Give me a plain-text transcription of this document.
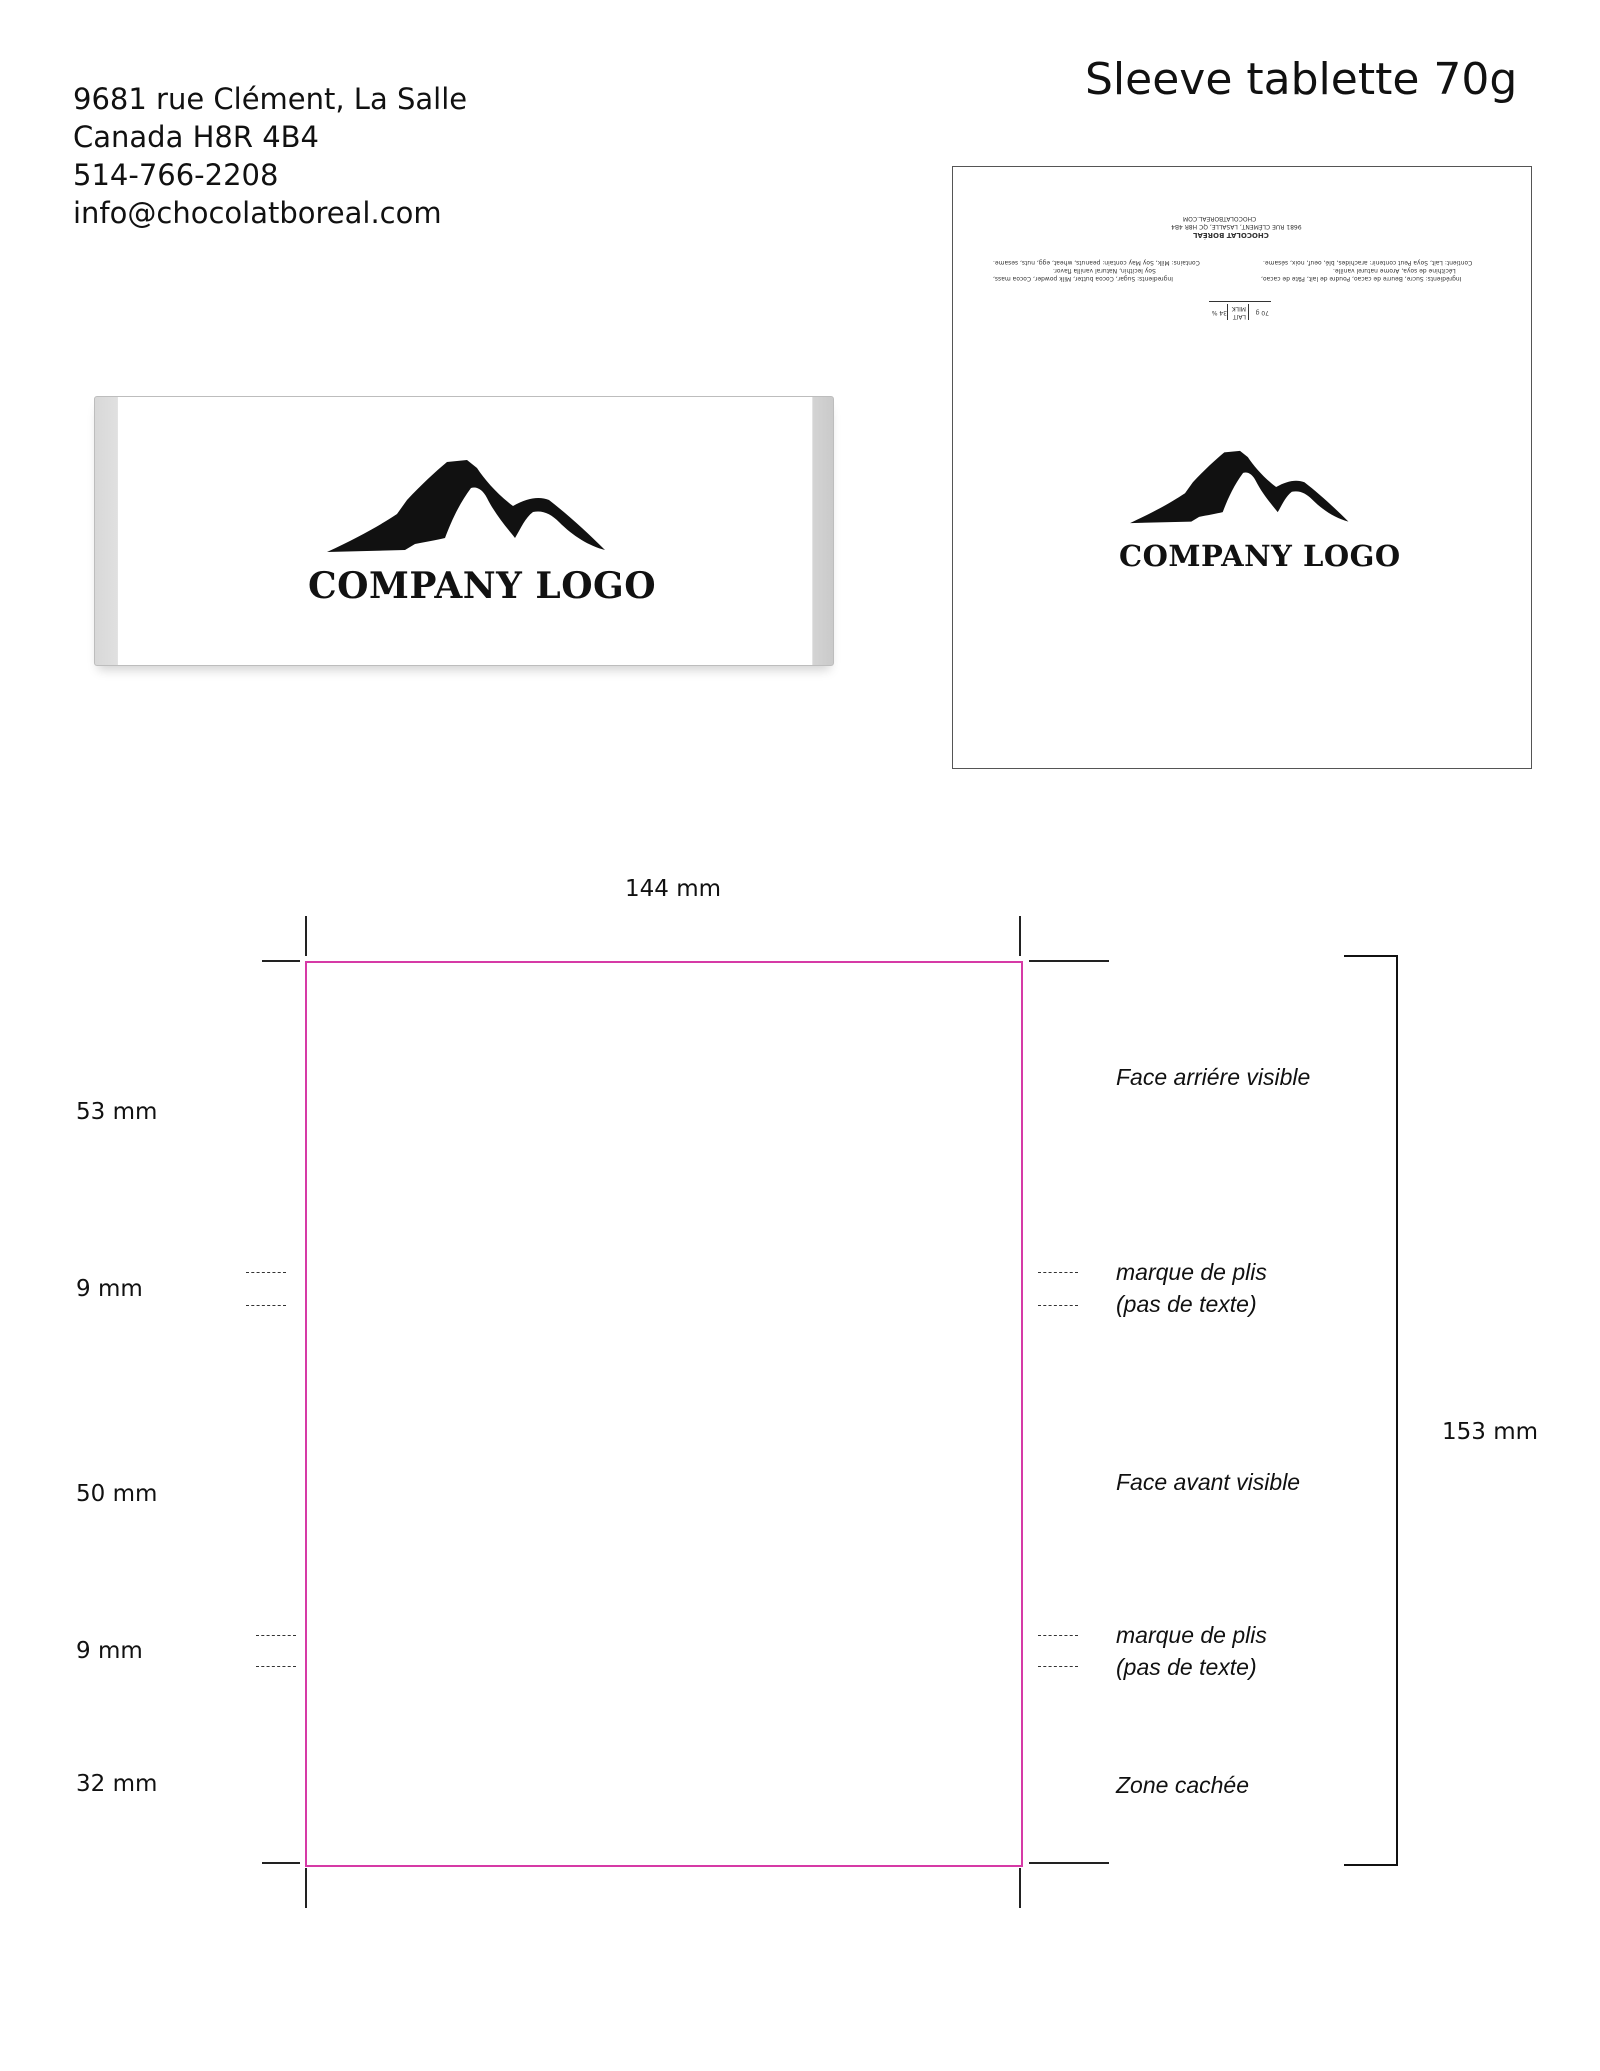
Sleeve tablette 70g
9681 rue Clément, La Salle
Canada H8R 4B4
514-766-2208
info@chocolatboreal.com
COMPANY LOGO
CHOCOLATBOREAL.COM
9681 RUE CLÉMENT, LASALLE, QC H8R 4B4
CHOCOLAT BORÉAL
Ingrédients: Sucre, Beurre de cacao, Poudre de lait, Pâte de cacao,
Lécithine de soya, Arome naturel vanille.
Contient: Lait, Soya Peut contenir: arachides, blé, oeuf, noix, sésame.
Ingredients: Sugar, Cocoa butter, Milk powder, Cocoa mass,
Soy lecithin, Natural vanilla flavor.
Contains: Milk, Soy May contain: peanuts, wheat, egg, nuts, sesame.
70 g
LAIT MILK
34 %
COMPANY LOGO
144 mm
153 mm
53 mm
9 mm
50 mm
9 mm
32 mm
Face arriére visible
marque de plis
(pas de texte)
Face avant visible
marque de plis
(pas de texte)
Zone cachée
